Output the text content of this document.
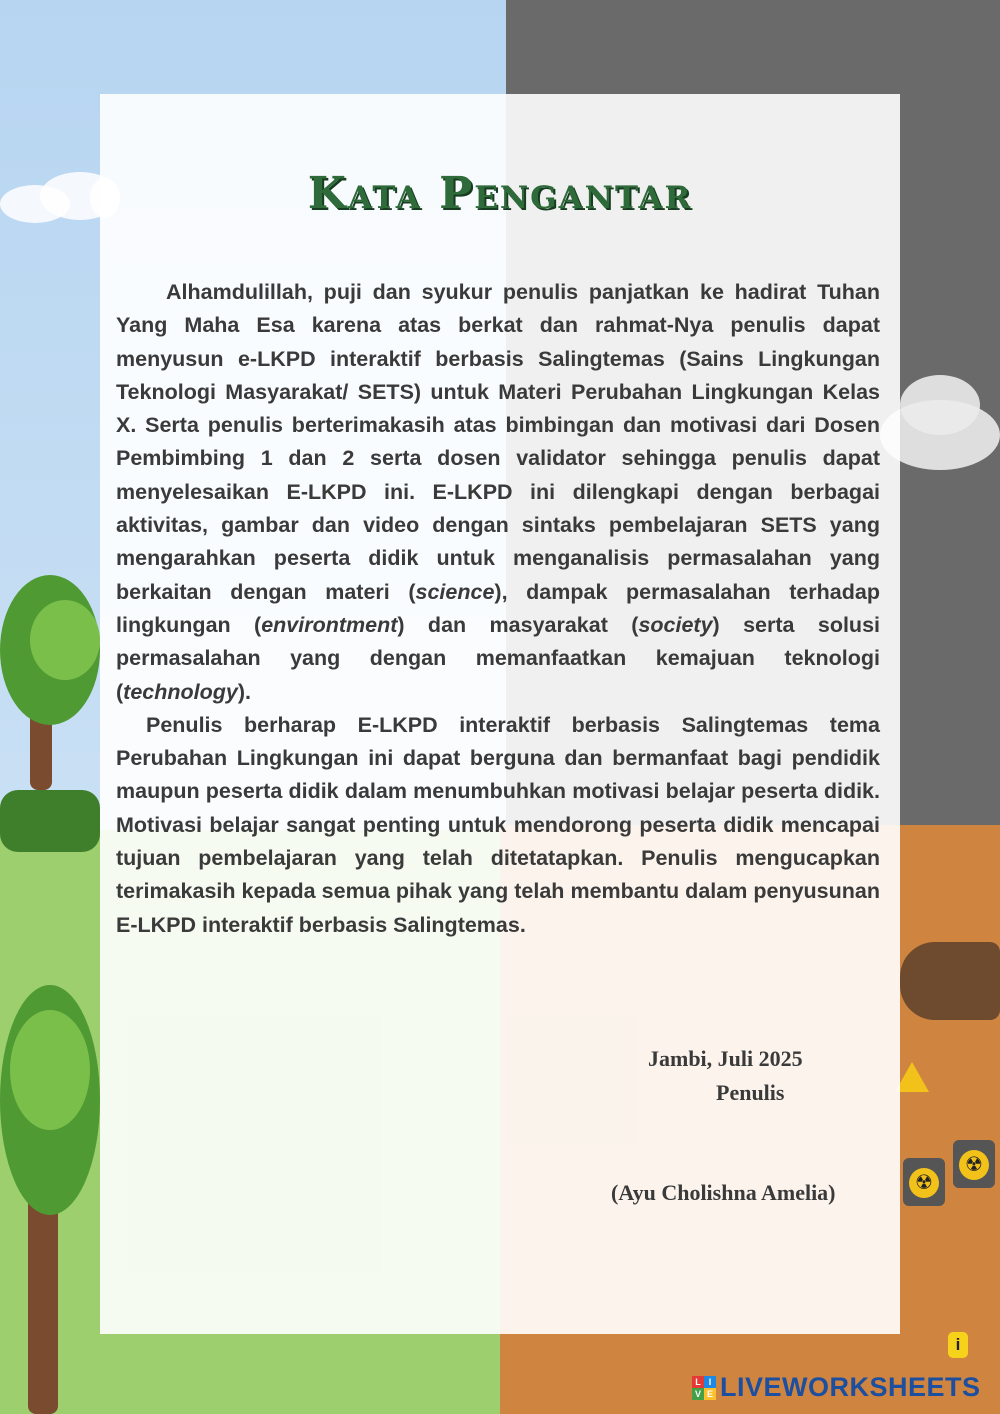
☢
☢
Kata Pengantar

Alhamdulillah, puji dan syukur penulis panjatkan ke hadirat Tuhan Yang Maha Esa karena atas berkat dan rahmat-Nya penulis dapat menyusun e-LKPD interaktif berbasis Salingtemas (Sains Lingkungan Teknologi Masyarakat/ SETS) untuk Materi Perubahan Lingkungan Kelas X. Serta penulis berterimakasih atas bimbingan dan motivasi dari Dosen Pembimbing 1 dan 2 serta dosen validator sehingga penulis dapat menyelesaikan E-LKPD ini. E-LKPD ini dilengkapi dengan berbagai aktivitas, gambar dan video dengan sintaks pembelajaran SETS yang mengarahkan peserta didik untuk menganalisis permasalahan yang berkaitan dengan materi (science), dampak permasalahan terhadap lingkungan (environtment) dan masyarakat (society) serta solusi permasalahan yang dengan memanfaatkan kemajuan teknologi (technology).

Penulis berharap E-LKPD interaktif berbasis Salingtemas tema Perubahan Lingkungan ini dapat berguna dan bermanfaat bagi pendidik maupun peserta didik dalam menumbuhkan motivasi belajar peserta didik. Motivasi belajar sangat penting untuk mendorong peserta didik mencapai tujuan pembelajaran yang telah ditetatapkan. Penulis mengucapkan terimakasih kepada semua pihak yang telah membantu dalam penyusunan E-LKPD interaktif berbasis Salingtemas.

Jambi, Juli 2025
Penulis
(Ayu Cholishna Amelia)
i
L I
V E LIVEWORKSHEETS
